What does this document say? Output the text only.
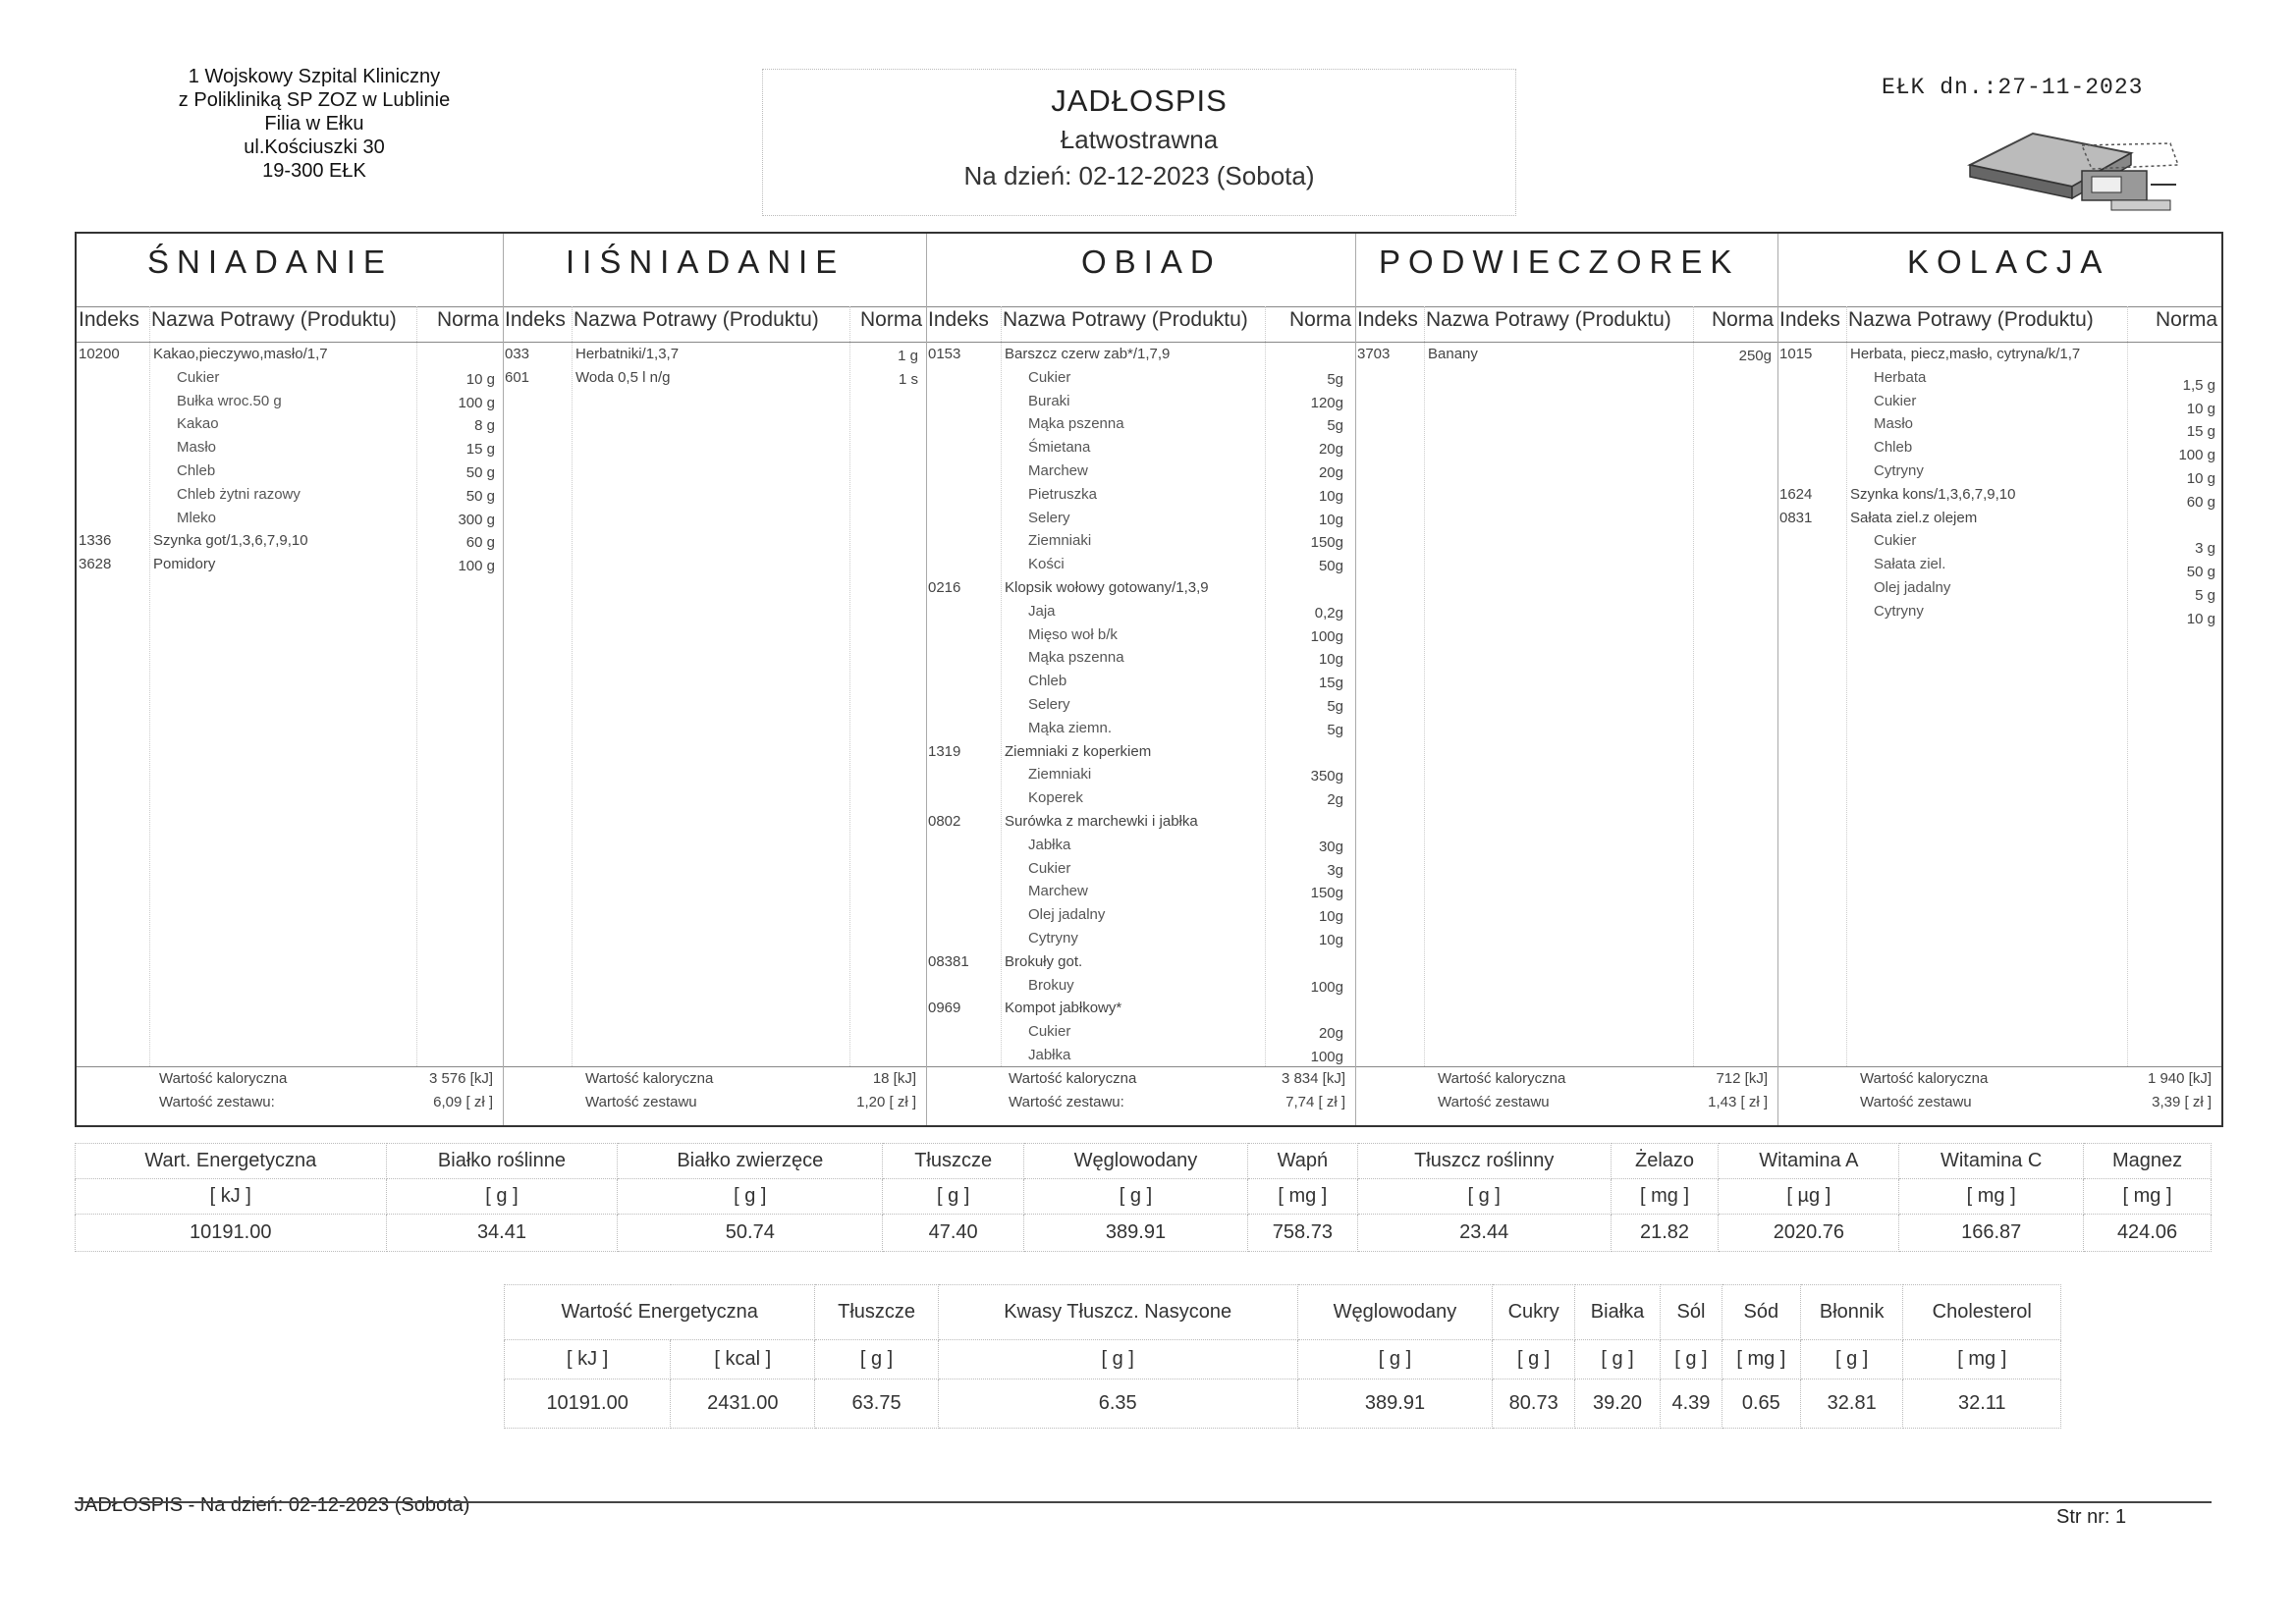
1 Wojskowy Szpital Kliniczny
z Polikliniką SP ZOZ w Lublinie
Filia w Ełku
ul.Kościuszki 30
19-300 EŁK
JADŁOSPIS
Łatwostrawna
Na dzień: 02-12-2023 (Sobota)
EŁK dn.:27-11-2023
ŚNIADANIE
Indeks Nazwa Potrawy (Produktu) Norma
10200 Kakao,pieczywo,masło/1,7
Cukier	10 g
Bułka wroc.50 g	100 g
Kakao	8 g
Masło	15 g
Chleb	50 g
Chleb żytni razowy	50 g
Mleko	300 g
1336	Szynka got/1,3,6,7,9,10	60 g
3628	Pomidory	100 g
Wartość kaloryczna	3 576 [kJ]
Wartość zestawu:	6,09 [ zł ]
IIŚNIADANIE
Indeks Nazwa Potrawy (Produktu) Norma
033	Herbatniki/1,3,7	1 g
601	Woda 0,5 l n/g	1 s
Wartość kaloryczna	18 [kJ]
Wartość zestawu	1,20 [ zł ]
OBIAD
Indeks Nazwa Potrawy (Produktu) Norma
0153	Barszcz czerw zab*/1,7,9
Cukier	5g
Buraki	120g
Mąka pszenna	5g
Śmietana	20g
Marchew	20g
Pietruszka	10g
Selery	10g
Ziemniaki	150g
Kości	50g
0216	Klopsik wołowy gotowany/1,3,9
Jaja	0,2g
Mięso woł b/k	100g
Mąka pszenna	10g
Chleb	15g
Selery	5g
Mąka ziemn.	5g
1319	Ziemniaki z koperkiem
Ziemniaki	350g
Koperek	2g
0802	Surówka z marchewki i jabłka
Jabłka	30g
Cukier	3g
Marchew	150g
Olej jadalny	10g
Cytryny	10g
08381 Brokuły got.
Brokuy	100g
0969	Kompot jabłkowy*
Cukier	20g
Jabłka	100g
Wartość kaloryczna	3 834 [kJ]
Wartość zestawu:	7,74 [ zł ]
PODWIECZOREK
Indeks Nazwa Potrawy (Produktu) Norma
3703	Banany	250g
Wartość kaloryczna	712 [kJ]
Wartość zestawu	1,43 [ zł ]
KOLACJA
Indeks Nazwa Potrawy (Produktu)	Norma
1015	Herbata, piecz,masło, cytryna/k/1,7
Herbata	1,5 g
Cukier	10 g
Masło	15 g
Chleb	100 g
Cytryny	10 g
1624	Szynka kons/1,3,6,7,9,10	60 g
0831	Sałata ziel.z olejem
Cukier	3 g
Sałata ziel.	50 g
Olej jadalny	5 g
Cytryny	10 g
Wartość kaloryczna	1 940 [kJ]
Wartość zestawu	3,39 [ zł ]
Wart. Energetyczna	Białko roślinne	Białko zwierzęce	Tłuszcze	Węglowodany	Wapń	Tłuszcz roślinny	Żelazo	Witamina A	Witamina C	Magnez
[ kJ ]	[ g ]	[ g ]	[ g ]	[ g ]	[ mg ]	[ g ]	[ mg ]	[ µg ]	[ mg ]	[ mg ]
10191.00	34.41	50.74	47.40	389.91	758.73	23.44	21.82	2020.76	166.87	424.06
Wartość Energetyczna		Tłuszcze	Kwasy Tłuszcz. Nasycone	Węglowodany	Cukry	Białka	Sól	Sód	Błonnik	Cholesterol
[ kJ ]	[ kcal ]	[ g ]	[ g ]	[ g ]	[ g ]	[ g ]	[ g ]	[ mg ]	[ g ]	[ mg ]
10191.00	2431.00	63.75	6.35	389.91	80.73	39.20	4.39	0.65	32.81	32.11
JADŁOSPIS - Na dzień: 02-12-2023 (Sobota)
Str nr: 1
